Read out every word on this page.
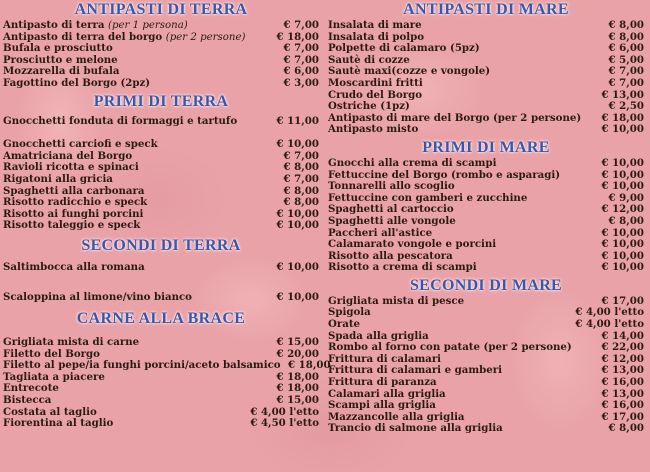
ANTIPASTI DI TERRA
Antipasto di terra (per 1 persona)	€ 7,00
Antipasto di terra del borgo (per 2 persone)	€ 18,00
Bufala e prosciutto	€ 7,00
Prosciutto e melone	€ 7,00
Mozzarella di bufala	€ 6,00
Fagottino del Borgo (2pz)	€ 3,00
PRIMI DI TERRA
Gnocchetti fonduta di formaggi e tartufo	€ 11,00
Gnocchetti carciofi e speck	€ 10,00
Amatriciana del Borgo	€ 7,00
Ravioli ricotta e spinaci	€ 8,00
Rigatoni alla gricia	€ 7,00
Spaghetti alla carbonara	€ 8,00
Risotto radicchio e speck	€ 8,00
Risotto ai funghi porcini	€ 10,00
Risotto taleggio e speck	€ 10,00
SECONDI DI TERRA
Saltimbocca alla romana	€ 10,00
Scaloppina al limone/vino bianco	€ 10,00
CARNE ALLA BRACE
Grigliata mista di carne	€ 15,00
Filetto del Borgo	€ 20,00
Filetto al pepe/ia funghi porcini/aceto balsamico € 18,00
Tagliata a piacere	€ 18,00
Entrecote	€ 18,00
Bistecca	€ 15,00
Costata al taglio	€ 4,00 l'etto
Fiorentina al taglio	€ 4,50 l'etto
ANTIPASTI DI MARE
Insalata di mare	€ 8,00
Insalata di polpo	€ 8,00
Polpette di calamaro (5pz)	€ 6,00
Sautè di cozze	€ 5,00
Sautè maxi(cozze e vongole)	€ 7,00
Moscardini fritti	€ 7,00
Crudo del Borgo	€ 13,00
Ostriche (1pz)	€ 2,50
Antipasto di mare del Borgo (per 2 persone)	€ 18,00
Antipasto misto	€ 10,00
PRIMI DI MARE
Gnocchi alla crema di scampi	€ 10,00
Fettuccine del Borgo (rombo e asparagi)	€ 10,00
Tonnarelli allo scoglio	€ 10,00
Fettuccine con gamberi e zucchine	€ 9,00
Spaghetti al cartoccio	€ 12,00
Spaghetti alle vongole	€ 8,00
Paccheri all'astice	€ 10,00
Calamarato vongole e porcini	€ 10,00
Risotto alla pescatora	€ 10,00
Risotto a crema di scampi	€ 10,00
SECONDI DI MARE
Grigliata mista di pesce	€ 17,00
Spigola	€ 4,00 l'etto
Orate	€ 4,00 l'etto
Spada alla griglia	€ 14,00
Rombo al forno con patate (per 2 persone)	€ 22,00
Frittura di calamari	€ 12,00
Frittura di calamari e gamberi	€ 13,00
Frittura di paranza	€ 16,00
Calamari alla griglia	€ 13,00
Scampi alla griglia	€ 16,00
Mazzancolle alla griglia	€ 17,00
Trancio di salmone alla griglia	€ 8,00
